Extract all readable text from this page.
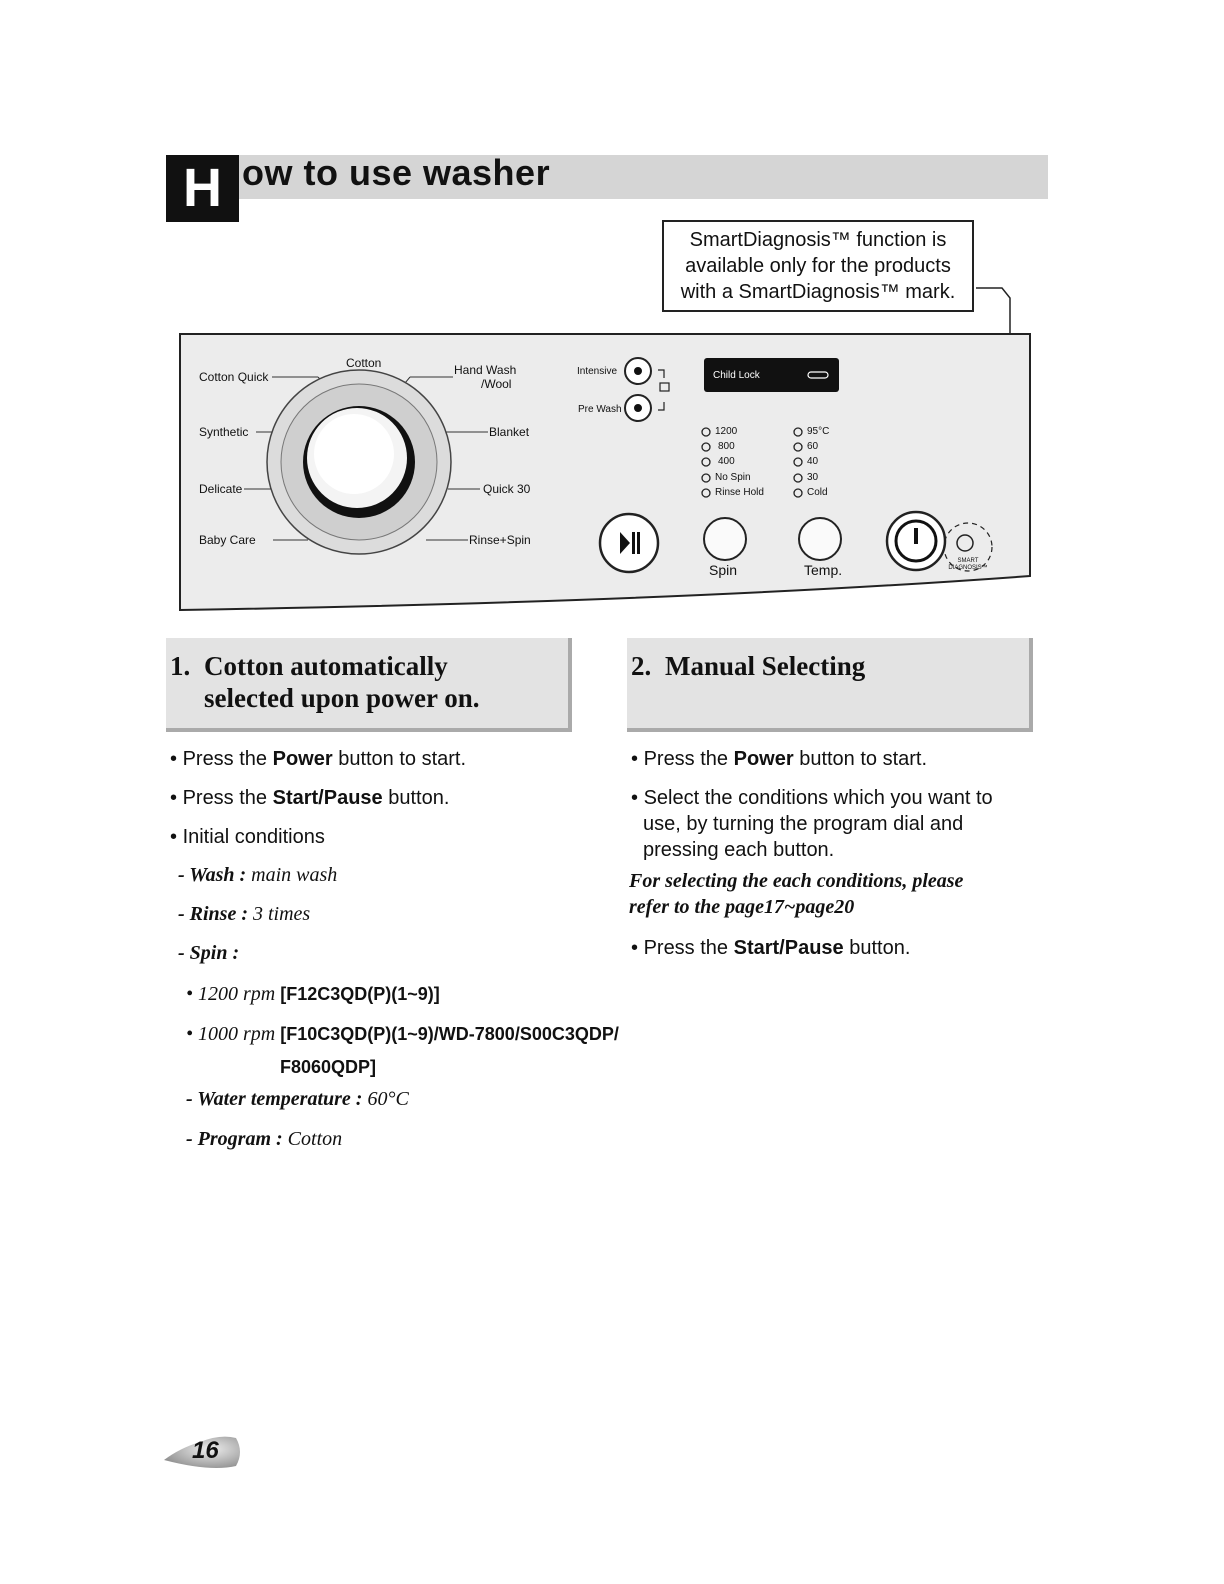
H ow to use washer
SmartDiagnosis™ function is
available only for the products
with a SmartDiagnosis™ mark.
Cotton Quick
Cotton	Hand Wash
/Wool
Synthetic	Blanket
Delicate	Quick 30
Baby Care	Rinse+Spin
Intensive
Pre Wash
Child Lock
1200
800
400
No Spin
Rinse Hold
95°C
60
40
30
Cold
Spin	Temp.
SMART DIAGNOSIS™
1. Cotton automatically
selected upon power on.
2. Manual Selecting
• Press the Power button to start.
• Press the Start/Pause button.
• Initial conditions
- Wash : main wash
- Rinse : 3 times
- Spin :
• 1200 rpm [F12C3QD(P)(1~9)]
• 1000 rpm [F10C3QD(P)(1~9)/WD-7800/S00C3QDP/
F8060QDP]
- Water temperature : 60°C
- Program : Cotton
• Press the Power button to start.
• Select the conditions which you want to
use, by turning the program dial and
pressing each button.
For selecting the each conditions, please
refer to the page17~page20
• Press the Start/Pause button.
16
